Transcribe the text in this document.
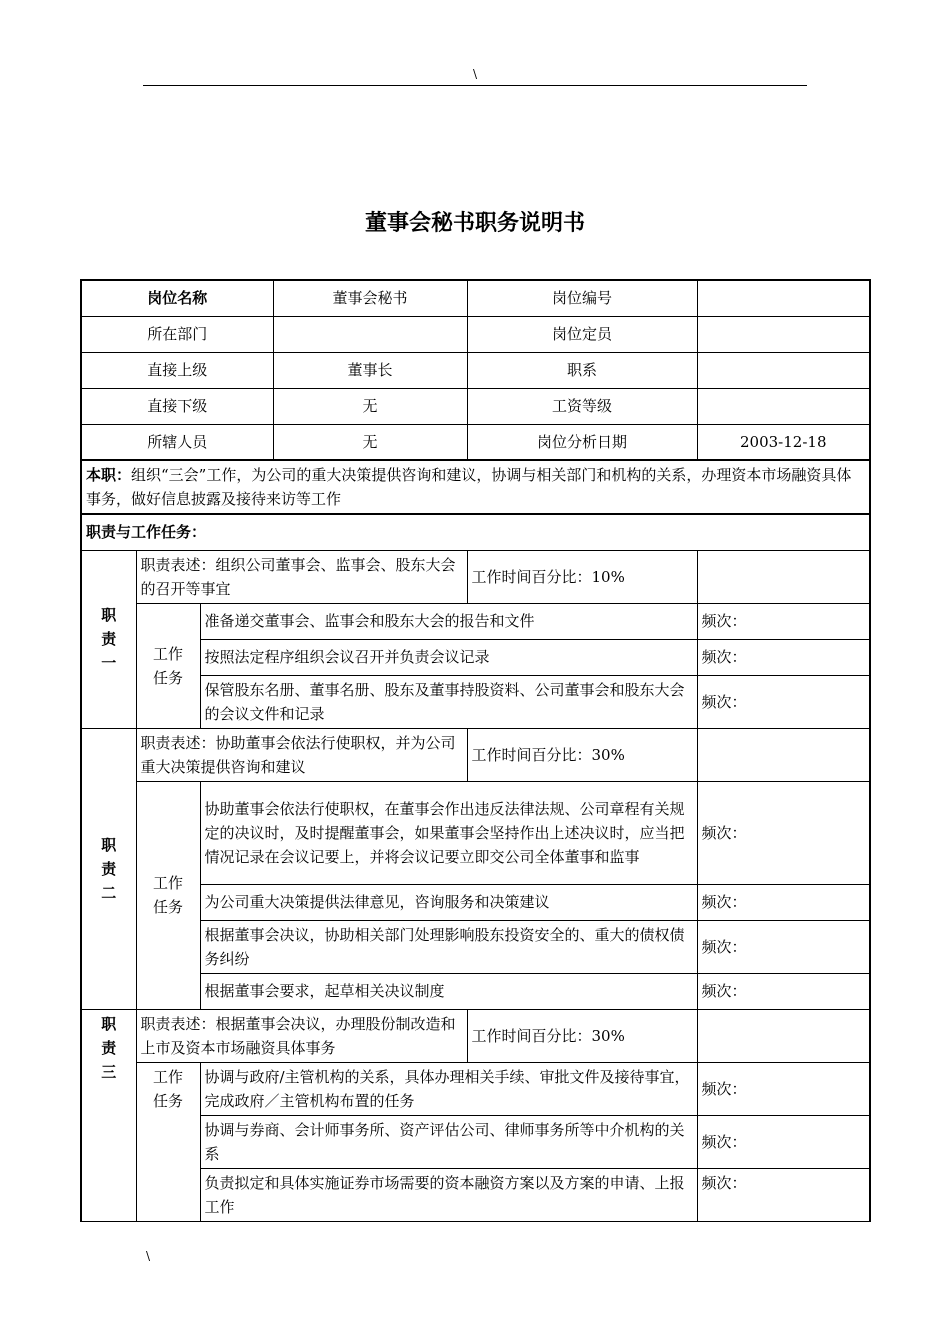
\
董事会秘书职务说明书
岗位名称			董事会秘书	岗位编号	
所在部门				岗位定员	
直接上级			董事长	职系	
直接下级			无	工资等级	
所辖人员			无	岗位分析日期	2003-12-18
本职：组织“三会”工作，为公司的重大决策提供咨询和建议，协调与相关部门和机构的关系，办理资本市场融资具体事务，做好信息披露及接待来访等工作					
职责与工作任务：					

职
责
一	职责表述：组织公司董事会、监事会、股东大会的召开等事宜			工作时间百分比：10%	

	工作
任务	准备递交董事会、监事会和股东大会的报告和文件			频次：
		按照法定程序组织会议召开并负责会议记录			频次：
		保管股东名册、董事名册、股东及董事持股资料、公司董事会和股东大会的会议文件和记录			频次：

职
责
二	职责表述：协助董事会依法行使职权，并为公司重大决策提供咨询和建议			工作时间百分比：30%	

	工作
任务	协助董事会依法行使职权，在董事会作出违反法律法规、公司章程有关规定的决议时，及时提醒董事会，如果董事会坚持作出上述决议时，应当把情况记录在会议记要上，并将会议记要立即交公司全体董事和监事			频次：
		为公司重大决策提供法律意见，咨询服务和决策建议			频次：
		根据董事会决议，协助相关部门处理影响股东投资安全的、重大的债权债务纠纷			频次：
		根据董事会要求，起草相关决议制度			频次：

职
责
三	职责表述：根据董事会决议，办理股份制改造和上市及资本市场融资具体事务			工作时间百分比：30%	

	工作
任务	协调与政府/主管机构的关系，具体办理相关手续、审批文件及接待事宜，完成政府／主管机构布置的任务			频次：
		协调与券商、会计师事务所、资产评估公司、律师事务所等中介机构的关系			频次：
		负责拟定和具体实施证券市场需要的资本融资方案以及方案的申请、上报工作			频次：
\
